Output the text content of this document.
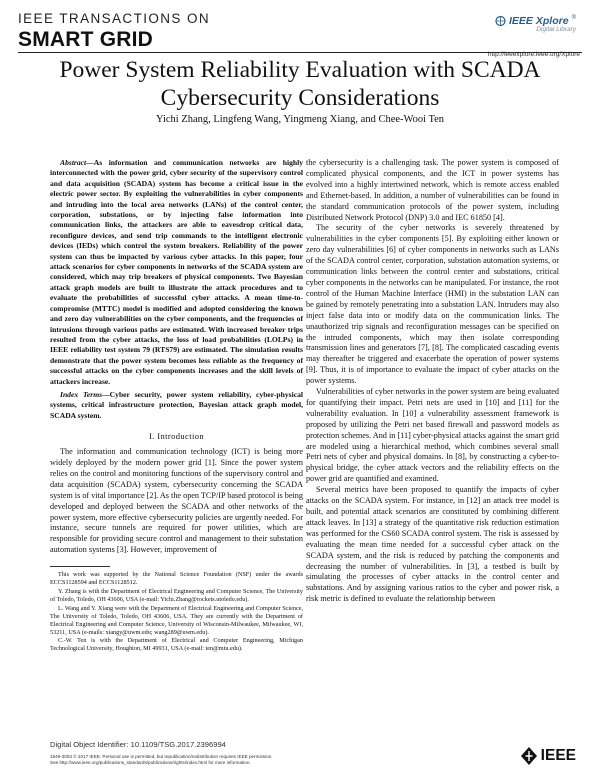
IEEE TRANSACTIONS ON
SMART GRID
IEEE Xplore ®
Digital Library
http://ieeexplore.ieee.org/Xplore
Power System Reliability Evaluation with SCADA
Cybersecurity Considerations
Yichi Zhang, Lingfeng Wang, Yingmeng Xiang, and Chee-Wooi Ten

Abstract—As information and communication networks are highly interconnected with the power grid, cyber security of the supervisory control and data acquisition (SCADA) system has become a critical issue in the electric power sector. By exploiting the vulnerabilities in cyber components and intruding into the local area networks (LANs) of the control center, corporation, substations, or by injecting false information into communication links, the attackers are able to eavesdrop critical data, reconfigure devices, and send trip commands to the intelligent electronic devices (IEDs) which control the system breakers. Reliability of the power system can thus be impacted by various cyber attacks. In this paper, four attack scenarios for cyber components in networks of the SCADA system are considered, which may trip breakers of physical components. Two Bayesian attack graph models are built to illustrate the attack procedures and to evaluate the probabilities of successful cyber attacks. A mean time-to-compromise (MTTC) model is modified and adopted considering the known and zero day vulnerabilities on the cyber components, and the frequencies of intrusions through various paths are estimated. With increased breaker trips resulted from the cyber attacks, the loss of load probabilities (LOLPs) in IEEE reliability test system 79 (RTS79) are estimated. The simulation results demonstrate that the power system becomes less reliable as the frequency of successful attacks on the cyber components increases and the skill levels of attackers increase.

Index Terms—Cyber security, power system reliability, cyber-physical systems, critical infrastructure protection, Bayesian attack graph model, SCADA system.

I. Introduction

The information and communication technology (ICT) is being more widely deployed by the modern power grid [1]. Since the power system relies on the control and monitoring functions of the supervisory control and data acquisition (SCADA) system, cybersecurity concerning the SCADA system is of vital importance [2]. As the open TCP/IP based protocol is being developed and deployed between the SCADA and other networks of the power system, more effective cybersecurity policies are urgently needed. For instance, secure tunnels are required for power utilities, which are responsible for providing secure control and management to their substation automation systems [3]. However, improvement of

This work was supported by the National Science Foundation (NSF) under the awards ECCS1128594 and ECCS1128512.

Y. Zhang is with the Department of Electrical Engineering and Computer Science, The University of Toledo, Toledo, OH 43606, USA (e-mail: Yichi.Zhang@rockets.utoledo.edu).

L. Wang and Y. Xiang were with the Department of Electrical Engineering and Computer Science, The University of Toledo, Toledo, OH 43606, USA. They are currently with the Department of Electrical Engineering and Computer Science, University of Wisconsin-Milwaukee, Milwaukee, WI, 53211, USA (e-mails: xiangy@uwm.edu; wang289@uwm.edu).

C.-W. Ten is with the Department of Electrical and Computer Engineering, Michigan Technological University, Houghton, MI 49931, USA (e-mail: ten@mtu.edu).

the cybersecurity is a challenging task. The power system is composed of complicated physical components, and the ICT in power systems has evolved into a highly intertwined network, which is remote access enabled and Ethernet-based. In addition, a number of vulnerabilities can be found in the standard communication protocols of the power system, including Distributed Network Protocol (DNP) 3.0 and IEC 61850 [4].

The security of the cyber networks is severely threatened by vulnerabilities in the cyber components [5]. By exploiting either known or zero day vulnerabilities [6] of cyber components in networks such as LANs of the SCADA control center, corporation, substation automation systems, or communication links between the control center and substations, critical cyber components in the networks can be manipulated. For instance, the root control of the Human Machine Interface (HMI) in the substation LAN can be gained by remotely penetrating into a substation LAN. Intruders may also inject false data into or modify data on the communication links. The unauthorized trip signals and reconfiguration messages can be specified on the intruded components, which may then isolate corresponding transmission lines and generators [7], [8]. The complicated cascading events may thereafter be triggered and exacerbate the operation of power systems [9]. Thus, it is of importance to evaluate the impact of cyber attacks on the power systems.

Vulnerabilities of cyber networks in the power system are being evaluated for quantifying their impact. Petri nets are used in [10] and [11] for the vulnerability evaluation. In [10] a vulnerability assessment framework is proposed by utilizing the Petri net based firewall and password models as protection schemes. And in [11] cyber-physical attacks against the smart grid are modeled using a hierarchical method, which combines several small Petri nets of cyber and physical domains. In [8], by constructing a cyber-to-physical bridge, the cyber attack vectors and the reliability effects on the power grid are quantified and examined.

Several metrics have been proposed to quantify the impacts of cyber attacks on the SCADA system. For instance, in [12] an attack tree model is built, and potential attack scenarios are constituted by combining different attack leaves. In [13] a strategy of the quantitative risk reduction estimation was performed for the CS60 SCADA control system. The risk is assessed by evaluating the mean time needed for a successful cyber attack on the SCADA system, and the risk is reduced by patching the components and decreasing the number of vulnerabilities. In [3], a testbed is built by simulating the processes of cyber attacks in the control center and substations. And by assigning various ratios to the cyber and power risk, a risk metric is defined to evaluate the relationship between

Digital Object Identifier: 10.1109/TSG.2017.2396994
1949-3053 © 2017 IEEE. Personal use is permitted, but republication/redistribution requires IEEE permission.
See http://www.ieee.org/publications_standards/publications/rights/index.html for more information.	IEEE
